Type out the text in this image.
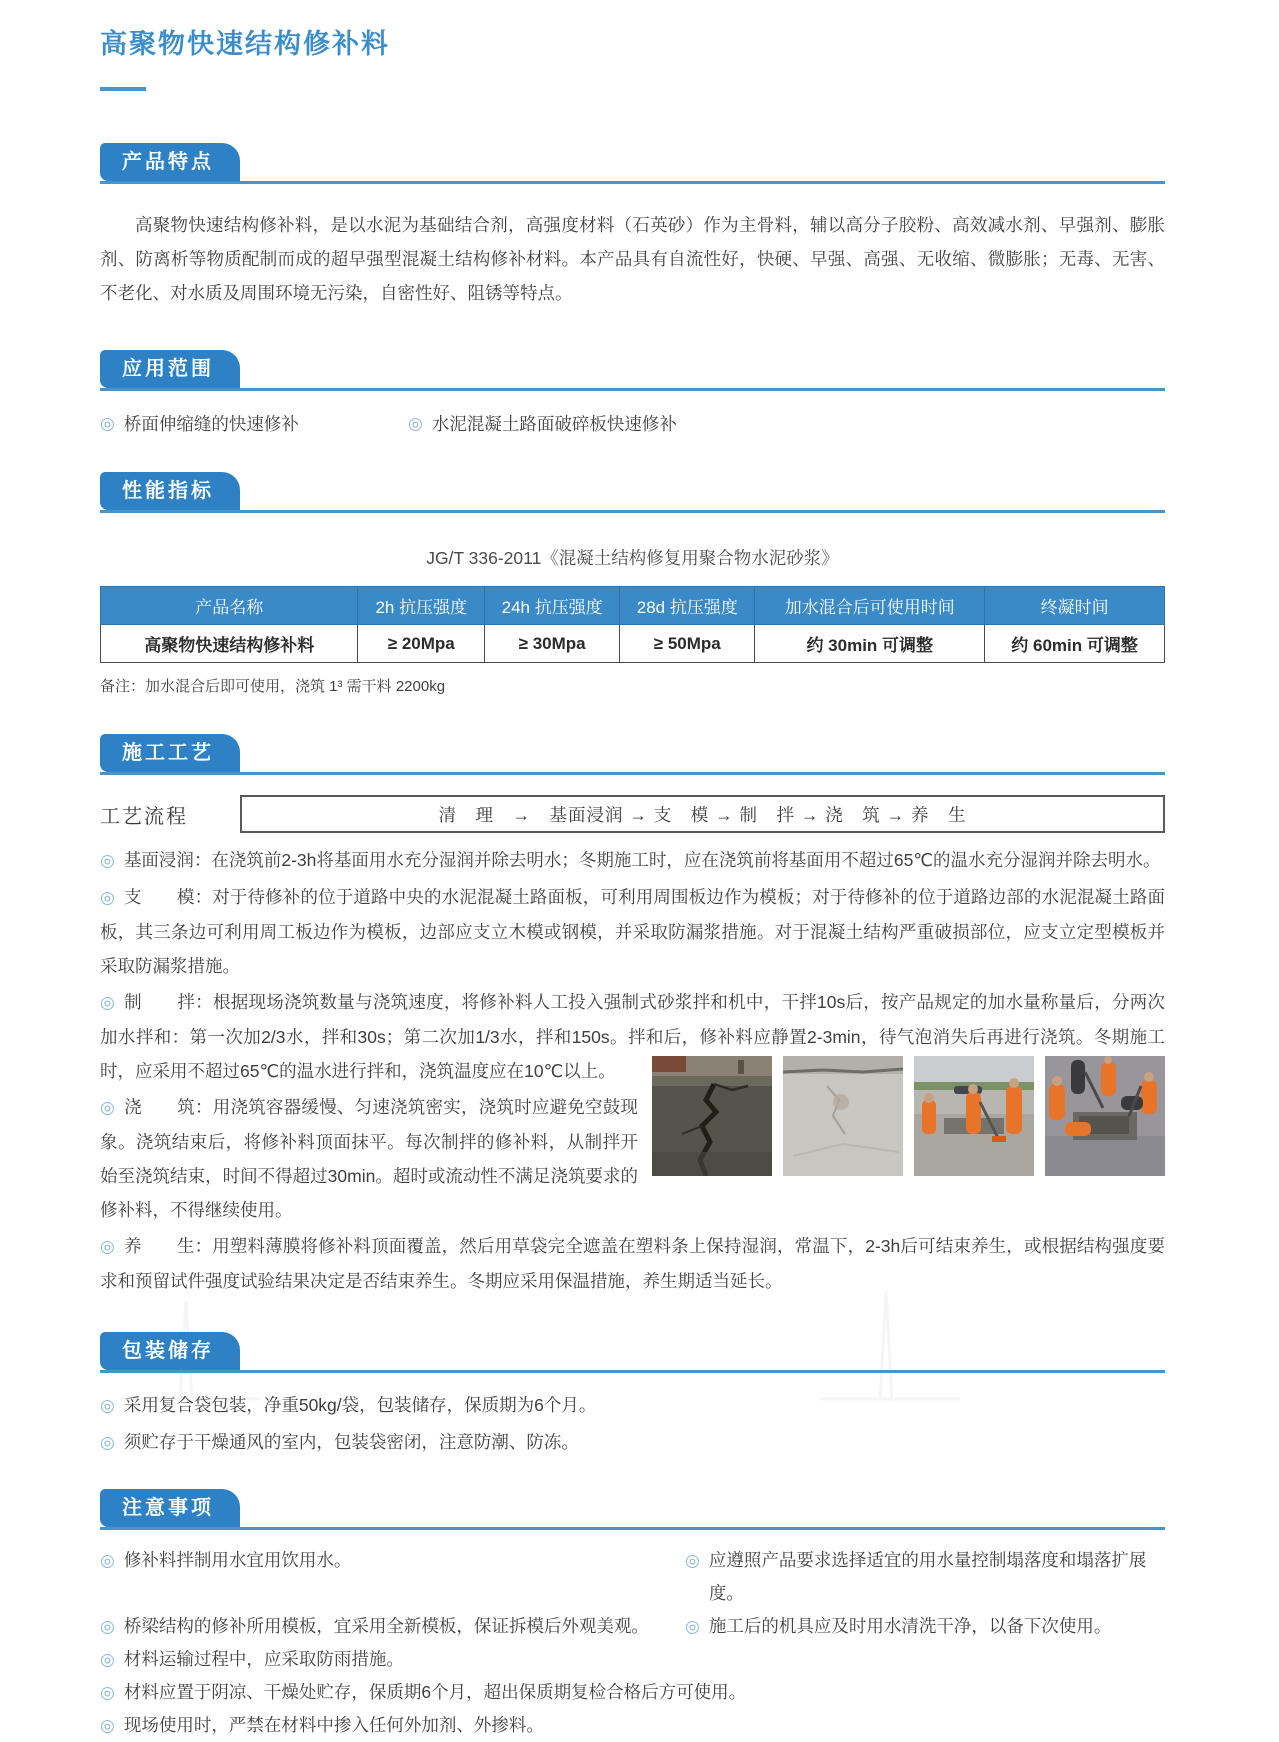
高聚物快速结构修补料
产品特点

高聚物快速结构修补料，是以水泥为基础结合剂，高强度材料（石英砂）作为主骨料，辅以高分子胶粉、高效减水剂、早强剂、膨胀剂、防离析等物质配制而成的超早强型混凝土结构修补材料。本产品具有自流性好，快硬、早强、高强、无收缩、微膨胀；无毒、无害、不老化、对水质及周围环境无污染，自密性好、阻锈等特点。

应用范围
◎ 桥面伸缩缝的快速修补	◎ 水泥混凝土路面破碎板快速修补
性能指标
JG/T 336-2011《混凝土结构修复用聚合物水泥砂浆》
产品名称	2h 抗压强度	24h 抗压强度	28d 抗压强度	加水混合后可使用时间	终凝时间
高聚物快速结构修补料	≥ 20Mpa	≥ 30Mpa	≥ 50Mpa	约 30min 可调整	约 60min 可调整
备注：加水混合后即可使用，浇筑 1³ 需干料 2200kg
施工工艺
工艺流程	清　理　→　基面浸润 → 支　模 → 制　拌 → 浇　筑 → 养　生

◎ 基面浸润：在浇筑前2-3h将基面用水充分湿润并除去明水；冬期施工时，应在浇筑前将基面用不超过65℃的温水充分湿润并除去明水。

◎ 支　　模：对于待修补的位于道路中央的水泥混凝土路面板，可利用周围板边作为模板；对于待修补的位于道路边部的水泥混凝土路面板，其三条边可利用周工板边作为模板，边部应支立木模或钢模，并采取防漏浆措施。对于混凝土结构严重破损部位，应支立定型模板并采取防漏浆措施。

◎ 制　　拌：根据现场浇筑数量与浇筑速度，将修补料人工投入强制式砂浆拌和机中，干拌10s后，按产品规定的加水量称量后，分两次加水拌和：第一次加2/3水，拌和30s；第二次加1/3水，拌和150s。拌和后，修补料应静置2-3min，待气泡消失后再进行浇筑。冬期施工时，应采用不超过65℃的温水进行拌和，浇筑温度应在10℃以上。

◎ 浇　　筑：用浇筑容器缓慢、匀速浇筑密实，浇筑时应避免空鼓现象。浇筑结束后，将修补料顶面抹平。每次制拌的修补料，从制拌开始至浇筑结束，时间不得超过30min。超时或流动性不满足浇筑要求的修补料，不得继续使用。

◎ 养　　生：用塑料薄膜将修补料顶面覆盖，然后用草袋完全遮盖在塑料条上保持湿润，常温下，2-3h后可结束养生，或根据结构强度要求和预留试件强度试验结果决定是否结束养生。冬期应采用保温措施，养生期适当延长。

包装储存
◎ 采用复合袋包装，净重50kg/袋，包装储存，保质期为6个月。
◎ 须贮存于干燥通风的室内，包装袋密闭，注意防潮、防冻。
注意事项
◎ 修补料拌制用水宜用饮用水。	◎ 应遵照产品要求选择适宜的用水量控制塌落度和塌落扩展度。
◎ 桥梁结构的修补所用模板，宜采用全新模板，保证拆模后外观美观。 ◎ 施工后的机具应及时用水清洗干净，以备下次使用。
◎ 材料运输过程中，应采取防雨措施。
◎ 材料应置于阴凉、干燥处贮存，保质期6个月，超出保质期复检合格后方可使用。
◎ 现场使用时，严禁在材料中掺入任何外加剂、外掺料。
